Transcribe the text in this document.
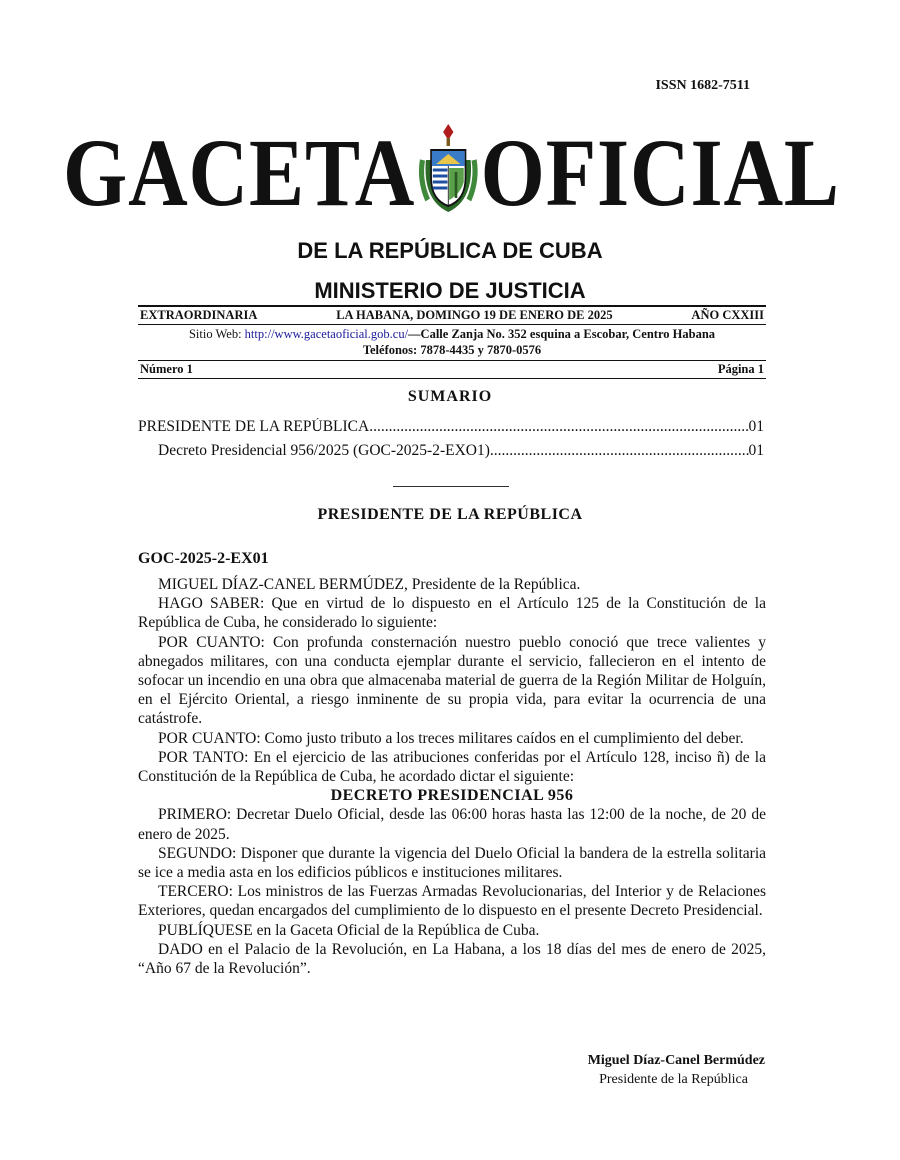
ISSN 1682-7511
GACETA OFICIAL
DE LA REPÚBLICA DE CUBA
MINISTERIO DE JUSTICIA
EXTRAORDINARIA	LA HABANA, DOMINGO 19 DE ENERO DE 2025	AÑO CXXIII
Sitio Web: http://www.gacetaoficial.gob.cu/—Calle Zanja No. 352 esquina a Escobar, Centro Habana
Teléfonos: 7878-4435 y 7870-0576
Número 1	Página 1
SUMARIO
PRESIDENTE DE LA REPÚBLICA .....	01
Decreto Presidencial 956/2025 (GOC-2025-2-EXO1) .....	01
PRESIDENTE DE LA REPÚBLICA
GOC-2025-2-EX01

MIGUEL DÍAZ-CANEL BERMÚDEZ, Presidente de la República.

HAGO SABER: Que en virtud de lo dispuesto en el Artículo 125 de la Constitución de la República de Cuba, he considerado lo siguiente:

POR CUANTO: Con profunda consternación nuestro pueblo conoció que trece valientes y abnegados militares, con una conducta ejemplar durante el servicio, fallecieron en el intento de sofocar un incendio en una obra que almacenaba material de guerra de la Región Militar de Holguín, en el Ejército Oriental, a riesgo inminente de su propia vida, para evitar la ocurrencia de una catástrofe.

POR CUANTO: Como justo tributo a los treces militares caídos en el cumplimiento del deber.

POR TANTO: En el ejercicio de las atribuciones conferidas por el Artículo 128, inciso ñ) de la Constitución de la República de Cuba, he acordado dictar el siguiente:

DECRETO PRESIDENCIAL 956

PRIMERO: Decretar Duelo Oficial, desde las 06:00 horas hasta las 12:00 de la noche, de 20 de enero de 2025.

SEGUNDO: Disponer que durante la vigencia del Duelo Oficial la bandera de la estrella solitaria se ice a media asta en los edificios públicos e instituciones militares.

TERCERO: Los ministros de las Fuerzas Armadas Revolucionarias, del Interior y de Relaciones Exteriores, quedan encargados del cumplimiento de lo dispuesto en el presente Decreto Presidencial.

PUBLÍQUESE en la Gaceta Oficial de la República de Cuba.

DADO en el Palacio de la Revolución, en La Habana, a los 18 días del mes de enero de 2025, “Año 67 de la Revolución”.

Miguel Díaz-Canel Bermúdez
Presidente de la República
